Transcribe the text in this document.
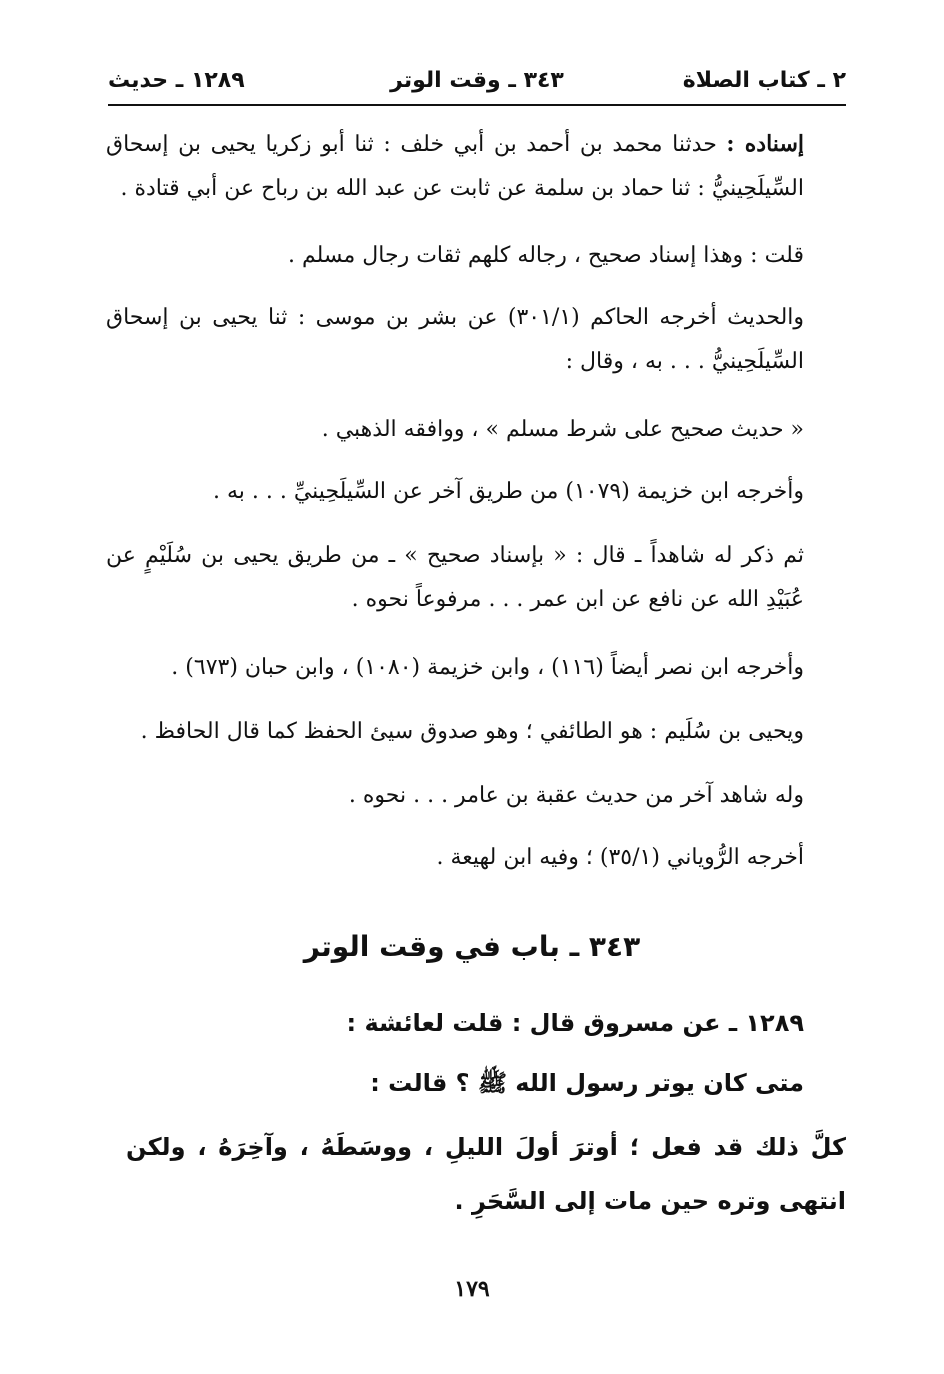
٢ ـ كتاب الصلاة
٣٤٣ ـ وقت الوتر
١٢٨٩ ـ حديث

إسناده : حدثنا محمد بن أحمد بن أبي خلف : ثنا أبو زكريا يحيى بن إسحاق السِّيلَحِينيُّ : ثنا حماد بن سلمة عن ثابت عن عبد الله بن رباح عن أبي قتادة .

قلت : وهذا إسناد صحيح ، رجاله كلهم ثقات رجال مسلم .

والحديث أخرجه الحاكم (٣٠١/١) عن بشر بن موسى : ثنا يحيى بن إسحاق السِّيلَحِينيُّ . . . به ، وقال :

« حديث صحيح على شرط مسلم » ، ووافقه الذهبي .

وأخرجه ابن خزيمة (١٠٧٩) من طريق آخر عن السِّيلَحِينيِّ . . . به .

ثم ذكر له شاهداً ـ قال : « بإسناد صحيح » ـ من طريق يحيى بن سُلَيْمٍ عن عُبَيْدِ الله عن نافع عن ابن عمر . . . مرفوعاً نحوه .

وأخرجه ابن نصر أيضاً (١١٦) ، وابن خزيمة (١٠٨٠) ، وابن حبان (٦٧٣) .

ويحيى بن سُلَيم : هو الطائفي ؛ وهو صدوق سيئ الحفظ كما قال الحافظ .

وله شاهد آخر من حديث عقبة بن عامر . . . نحوه .

أخرجه الرُّوياني (٣٥/١) ؛ وفيه ابن لهيعة .

٣٤٣ ـ باب في وقت الوتر

١٢٨٩ ـ عن مسروق قال : قلت لعائشة :

متى كان يوتر رسول الله ﷺ ؟ قالت :

كلَّ ذلك قد فعل ؛ أوترَ أولَ الليلِ ، ووسَطَهُ ، وآخِرَهُ ، ولكن انتهى وتره حين مات إلى السَّحَرِ .

١٧٩
